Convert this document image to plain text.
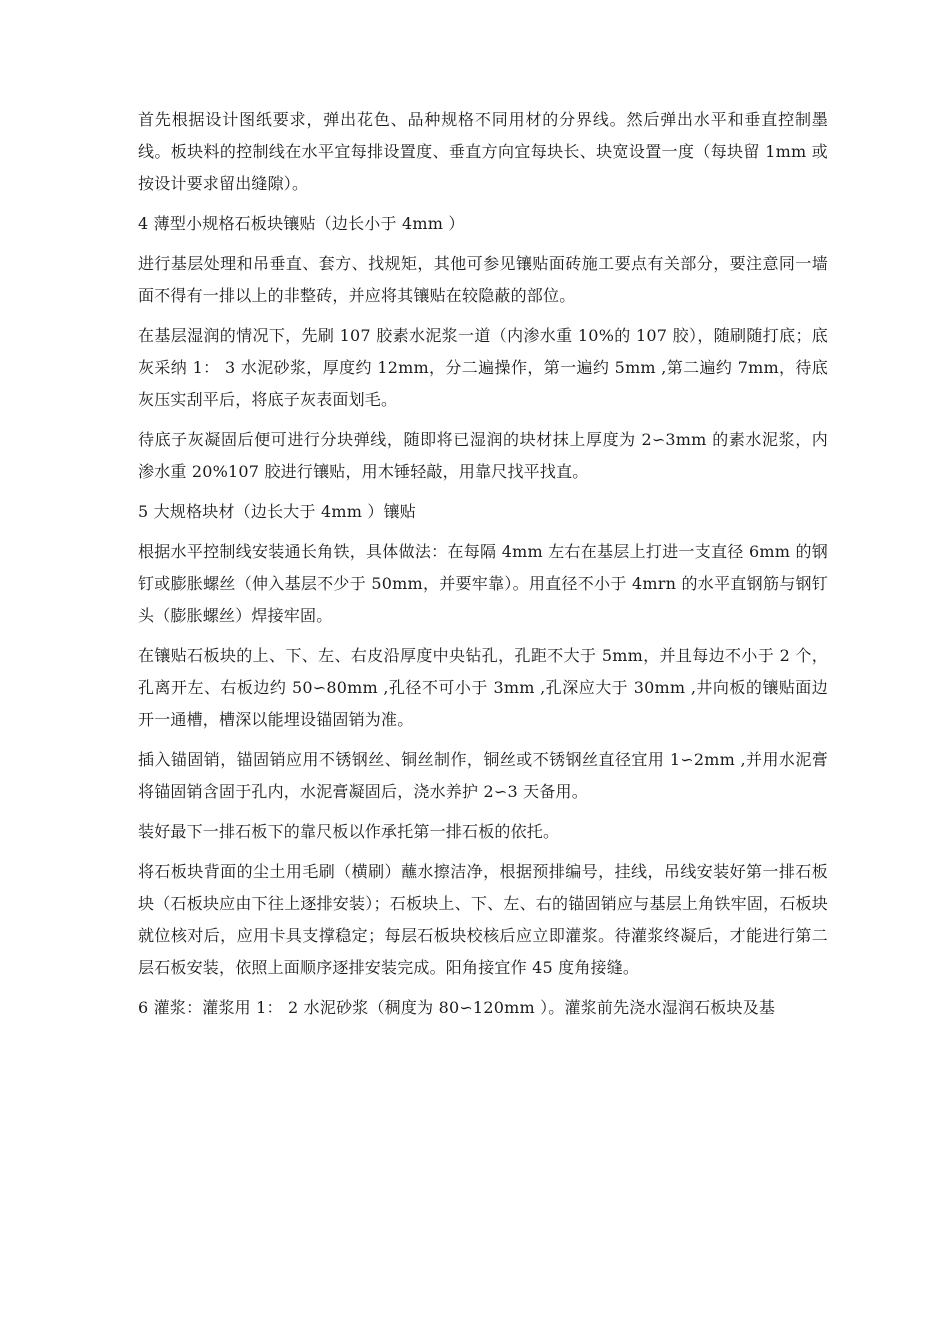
首先根据设计图纸要求，弹出花色、品种规格不同用材的分界线。然后弹出水平和垂直控制墨线。板块料的控制线在水平宜每排设置度、垂直方向宜每块长、块宽设置一度（每块留 1mm 或按设计要求留出缝隙）。

4 薄型小规格石板块镶贴（边长小于 4mm ）

进行基层处理和吊垂直、套方、找规矩，其他可参见镶贴面砖施工要点有关部分，要注意同一墙面不得有一排以上的非整砖，并应将其镶贴在较隐蔽的部位。

在基层湿润的情况下，先刷 107 胶素水泥浆一道（内渗水重 10%的 107 胶），随刷随打底；底灰采纳 1： 3 水泥砂浆，厚度约 12mm，分二遍操作，第一遍约 5mm ,第二遍约 7mm，待底灰压实刮平后，将底子灰表面划毛。

待底子灰凝固后便可进行分块弹线，随即将已湿润的块材抹上厚度为 2∽3mm 的素水泥浆，内渗水重 20%107 胶进行镶贴，用木锤轻敲，用靠尺找平找直。

5 大规格块材（边长大于 4mm ）镶贴

根据水平控制线安装通长角铁，具体做法：在每隔 4mm 左右在基层上打进一支直径 6mm 的钢钉或膨胀螺丝（伸入基层不少于 50mm，并要牢靠）。用直径不小于 4mrn 的水平直钢筋与钢钉头（膨胀螺丝）焊接牢固。

在镶贴石板块的上、下、左、右皮沿厚度中央钻孔，孔距不大于 5mm，并且每边不小于 2 个，孔离开左、右板边约 50∽80mm ,孔径不可小于 3mm ,孔深应大于 30mm ,井向板的镶贴面边开一通槽，槽深以能埋设锚固销为准。

插入锚固销，锚固销应用不锈钢丝、铜丝制作，铜丝或不锈钢丝直径宜用 1∽2mm ,并用水泥膏将锚固销含固于孔内，水泥膏凝固后，浇水养护 2∽3 天备用。

装好最下一排石板下的靠尺板以作承托第一排石板的依托。

将石板块背面的尘土用毛刷（横刷）蘸水擦洁净，根据预排编号，挂线，吊线安装好第一排石板块（石板块应由下往上逐排安装）；石板块上、下、左、右的锚固销应与基层上角铁牢固，石板块就位核对后，应用卡具支撑稳定；每层石板块校核后应立即灌浆。待灌浆终凝后，才能进行第二层石板安装，依照上面顺序逐排安装完成。阳角接宜作 45 度角接缝。

6 灌浆：灌浆用 1： 2 水泥砂浆（稠度为 80∽120mm ）。灌浆前先浇水湿润石板块及基
